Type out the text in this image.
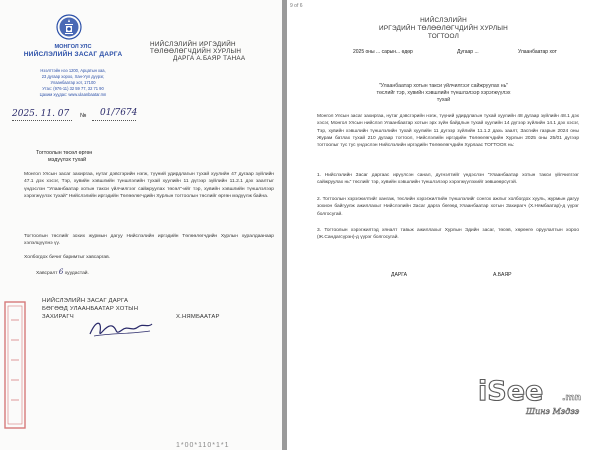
МОНГОЛ УЛС
НИЙСЛЭЛИЙН ЗАСАГ ДАРГА
Нээлттэйн нээ 1200, Арцатын хаа,
23 дугаар хороо, Хан-Уул дүүрэг,
Улаанбаатар хот, 17100
Утас: (976-11) 32 59 77, 32 71 90
Цахим хуудас: www.ulaanbaatar.mn
2025. 11. 07 № 01/7674
НИЙСЛЭЛИЙН ИРГЭДИЙН
ТӨЛӨӨЛӨГЧДИЙН ХУРЛЫН
ДАРГА А.БАЯР ТАНАА
Тогтоолын төсөл өргөн
мэдүүлэх тухай
Монгол Улсын засаг захиргаа, нутаг дэвсгэрийн нэгж, түүний удирдлагын тухай хуулийн 47 дугаар зүйлийн 47.1 дэх хэсэг, Тэр, хувийн хэвшлийн түншлэлийн тухай хуулийн 11 дүгээр зүйлийн 11.2.1 дэх заалтыг үндэслэн "Улаанбаатар хотын такси үйлчилгээг сайжруулах төсөл"-ийг тэр, хувийн хэвшлийн түншлэлээр хэрэгжүүлэх тухай" Нийслэлийн иргэдийн Төлөөлөгчдийн Хурлын тогтоолын төслийг өргөн мэдүүлж байна.
Тогтоолын төслийг зохих журмын дагуу Нийслэлийн иргэдийн Төлөөлөгчдийн Хурлын хуралдаанаар хэлэлцүүлнэ үү.
Холбогдох бичиг баримтыг хавсаргав.
Хавсралт 6 хуудастай.
НИЙСЛЭЛИЙН ЗАСАГ ДАРГА
БӨГӨӨД УЛААНБААТАР ХОТЫН
ЗАХИРАГЧ	Х.НЯМБААТАР
1*00*110*1*1
9 of 6
НИЙСЛЭЛИЙН
ИРГЭДИЙН ТӨЛӨӨЛӨГЧДИЙН ХУРЛЫН
ТОГТООЛ
2025 оны ... сарын... өдөр	Дугаар ...	Улаанбаатар хот
"Улаанбаатар хотын такси үйлчилгээг сайжруулах нь"
төслийг тэр, хувийн хэвшлийн түншлэлээр хэрэгжүүлэх
тухай
Монгол Улсын засаг захиргаа, нутаг дэвсгэрийн нэгж, түүний удирдлагын тухай хуулийн 48 дугаар зүйлийн 48.1 дэх хэсэг, Монгол Улсын нийслэл Улаанбаатар хотын эрх зүйн байдлын тухай хуулийн 14 дүгээр зүйлийн 14.1 дэх хэсэг, Тэр, хувийн хэвшлийн түншлэлийн тухай хуулийн 11 дүгээр зүйлийн 11.1.2 дахь заалт, Засгийн газрын 2024 оны Журам батлах тухай 210 дугаар тогтоол, Нийслэлийн иргэдийн Төлөөлөгчдийн Хурлын 2025 оны 25/01 дүгээр тогтоолыг тус тус үндэслэн Нийслэлийн иргэдийн Төлөөлөгчдийн Хурлаас ТОГТООХ нь:
1. Нийслэлийн Засаг даргаас ирүүлсэн санал, дүгнэлтийг үндэслэн "Улаанбаатар хотын такси үйлчилгээг сайжруулах нь" төслийг тэр, хувийн хэвшлийн түншлэлээр хэрэгжүүлэхийг зөвшөөрсүгэй.
2. Тогтоолын хэрэгжилтийг хангаж, төслийн хэрэгжилтийн түншлэлийг сонгох ажлыг холбогдох хууль, журмын дагуу зохион байгуулж ажиллахыг Нийслэлийн Засаг дарга бөгөөд Улаанбаатар хотын Захирагч (Х.Нямбаатар)-д үүрэг болгосугай.
3. Тогтоолын хэрэгжилтэд хяналт тавьж ажиллахыг Хурлын Эдийн засаг, төсөв, хөрөнгө оруулалтын хороо (Ж.Сандагсүрэн)-д үүрэг болгосугай.
ДАРГА	А.БАЯР
iSee .mn
Шинэ Мэдээ
